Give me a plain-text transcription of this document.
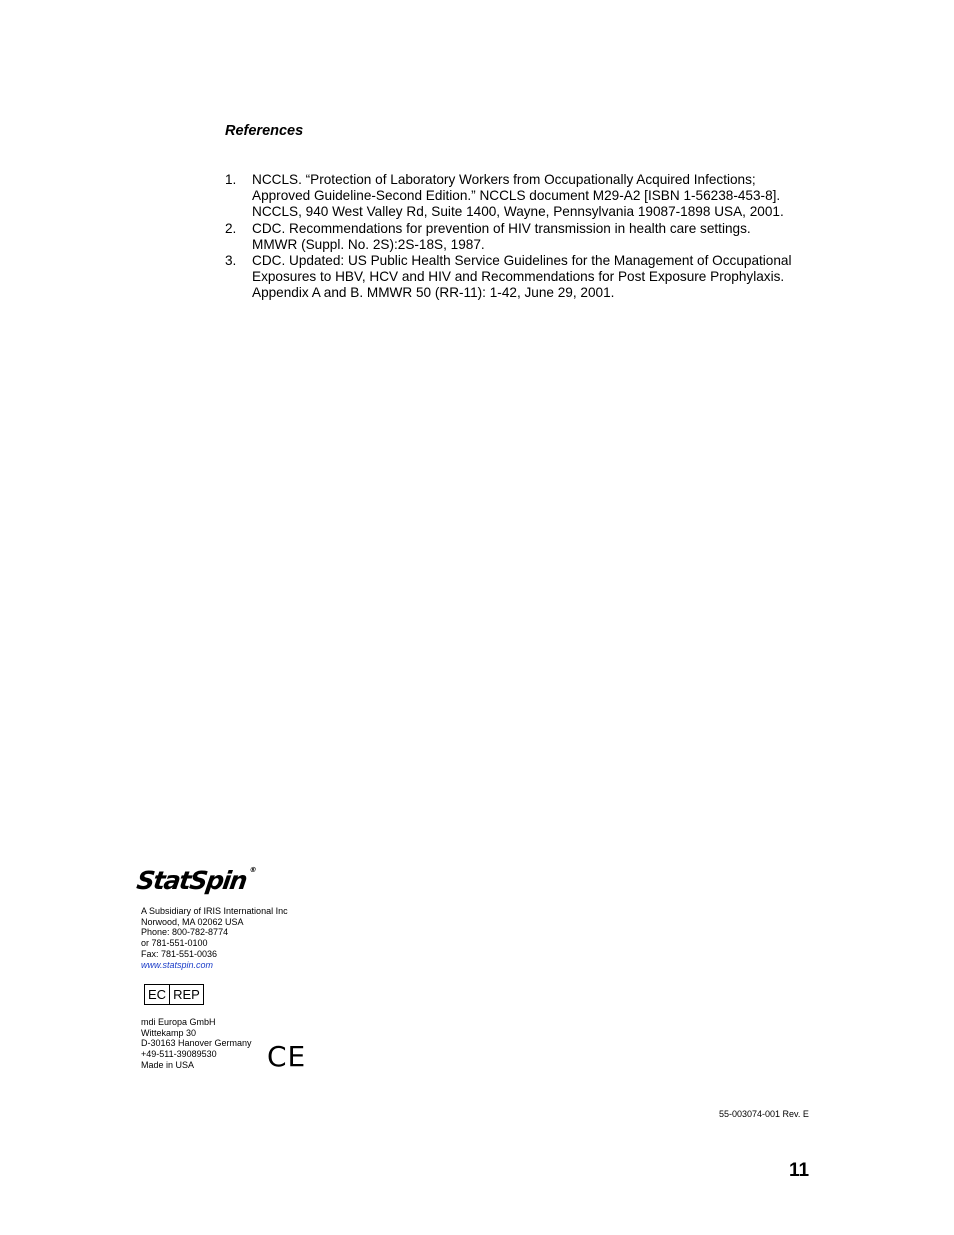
References
1.	NCCLS. “Protection of Laboratory Workers from Occupationally Acquired Infections;
Approved Guideline-Second Edition.” NCCLS document M29-A2 [ISBN 1-56238-453-8].
NCCLS, 940 West Valley Rd, Suite 1400, Wayne, Pennsylvania 19087-1898 USA, 2001.
2.	CDC. Recommendations for prevention of HIV transmission in health care settings.
MMWR (Suppl. No. 2S):2S-18S, 1987.
3.	CDC. Updated: US Public Health Service Guidelines for the Management of Occupational
Exposures to HBV, HCV and HIV and Recommendations for Post Exposure Prophylaxis.
Appendix A and B. MMWR 50 (RR-11): 1-42, June 29, 2001.
StatSpin®
A Subsidiary of IRIS International Inc
Norwood, MA 02062 USA
Phone: 800-782-8774
or 781-551-0100
Fax: 781-551-0036
www.statspin.com
EC REP
mdi Europa GmbH
Wittekamp 30
D-30163 Hanover Germany
+49-511-39089530
Made in USA	CE
55-003074-001 Rev. E
11
